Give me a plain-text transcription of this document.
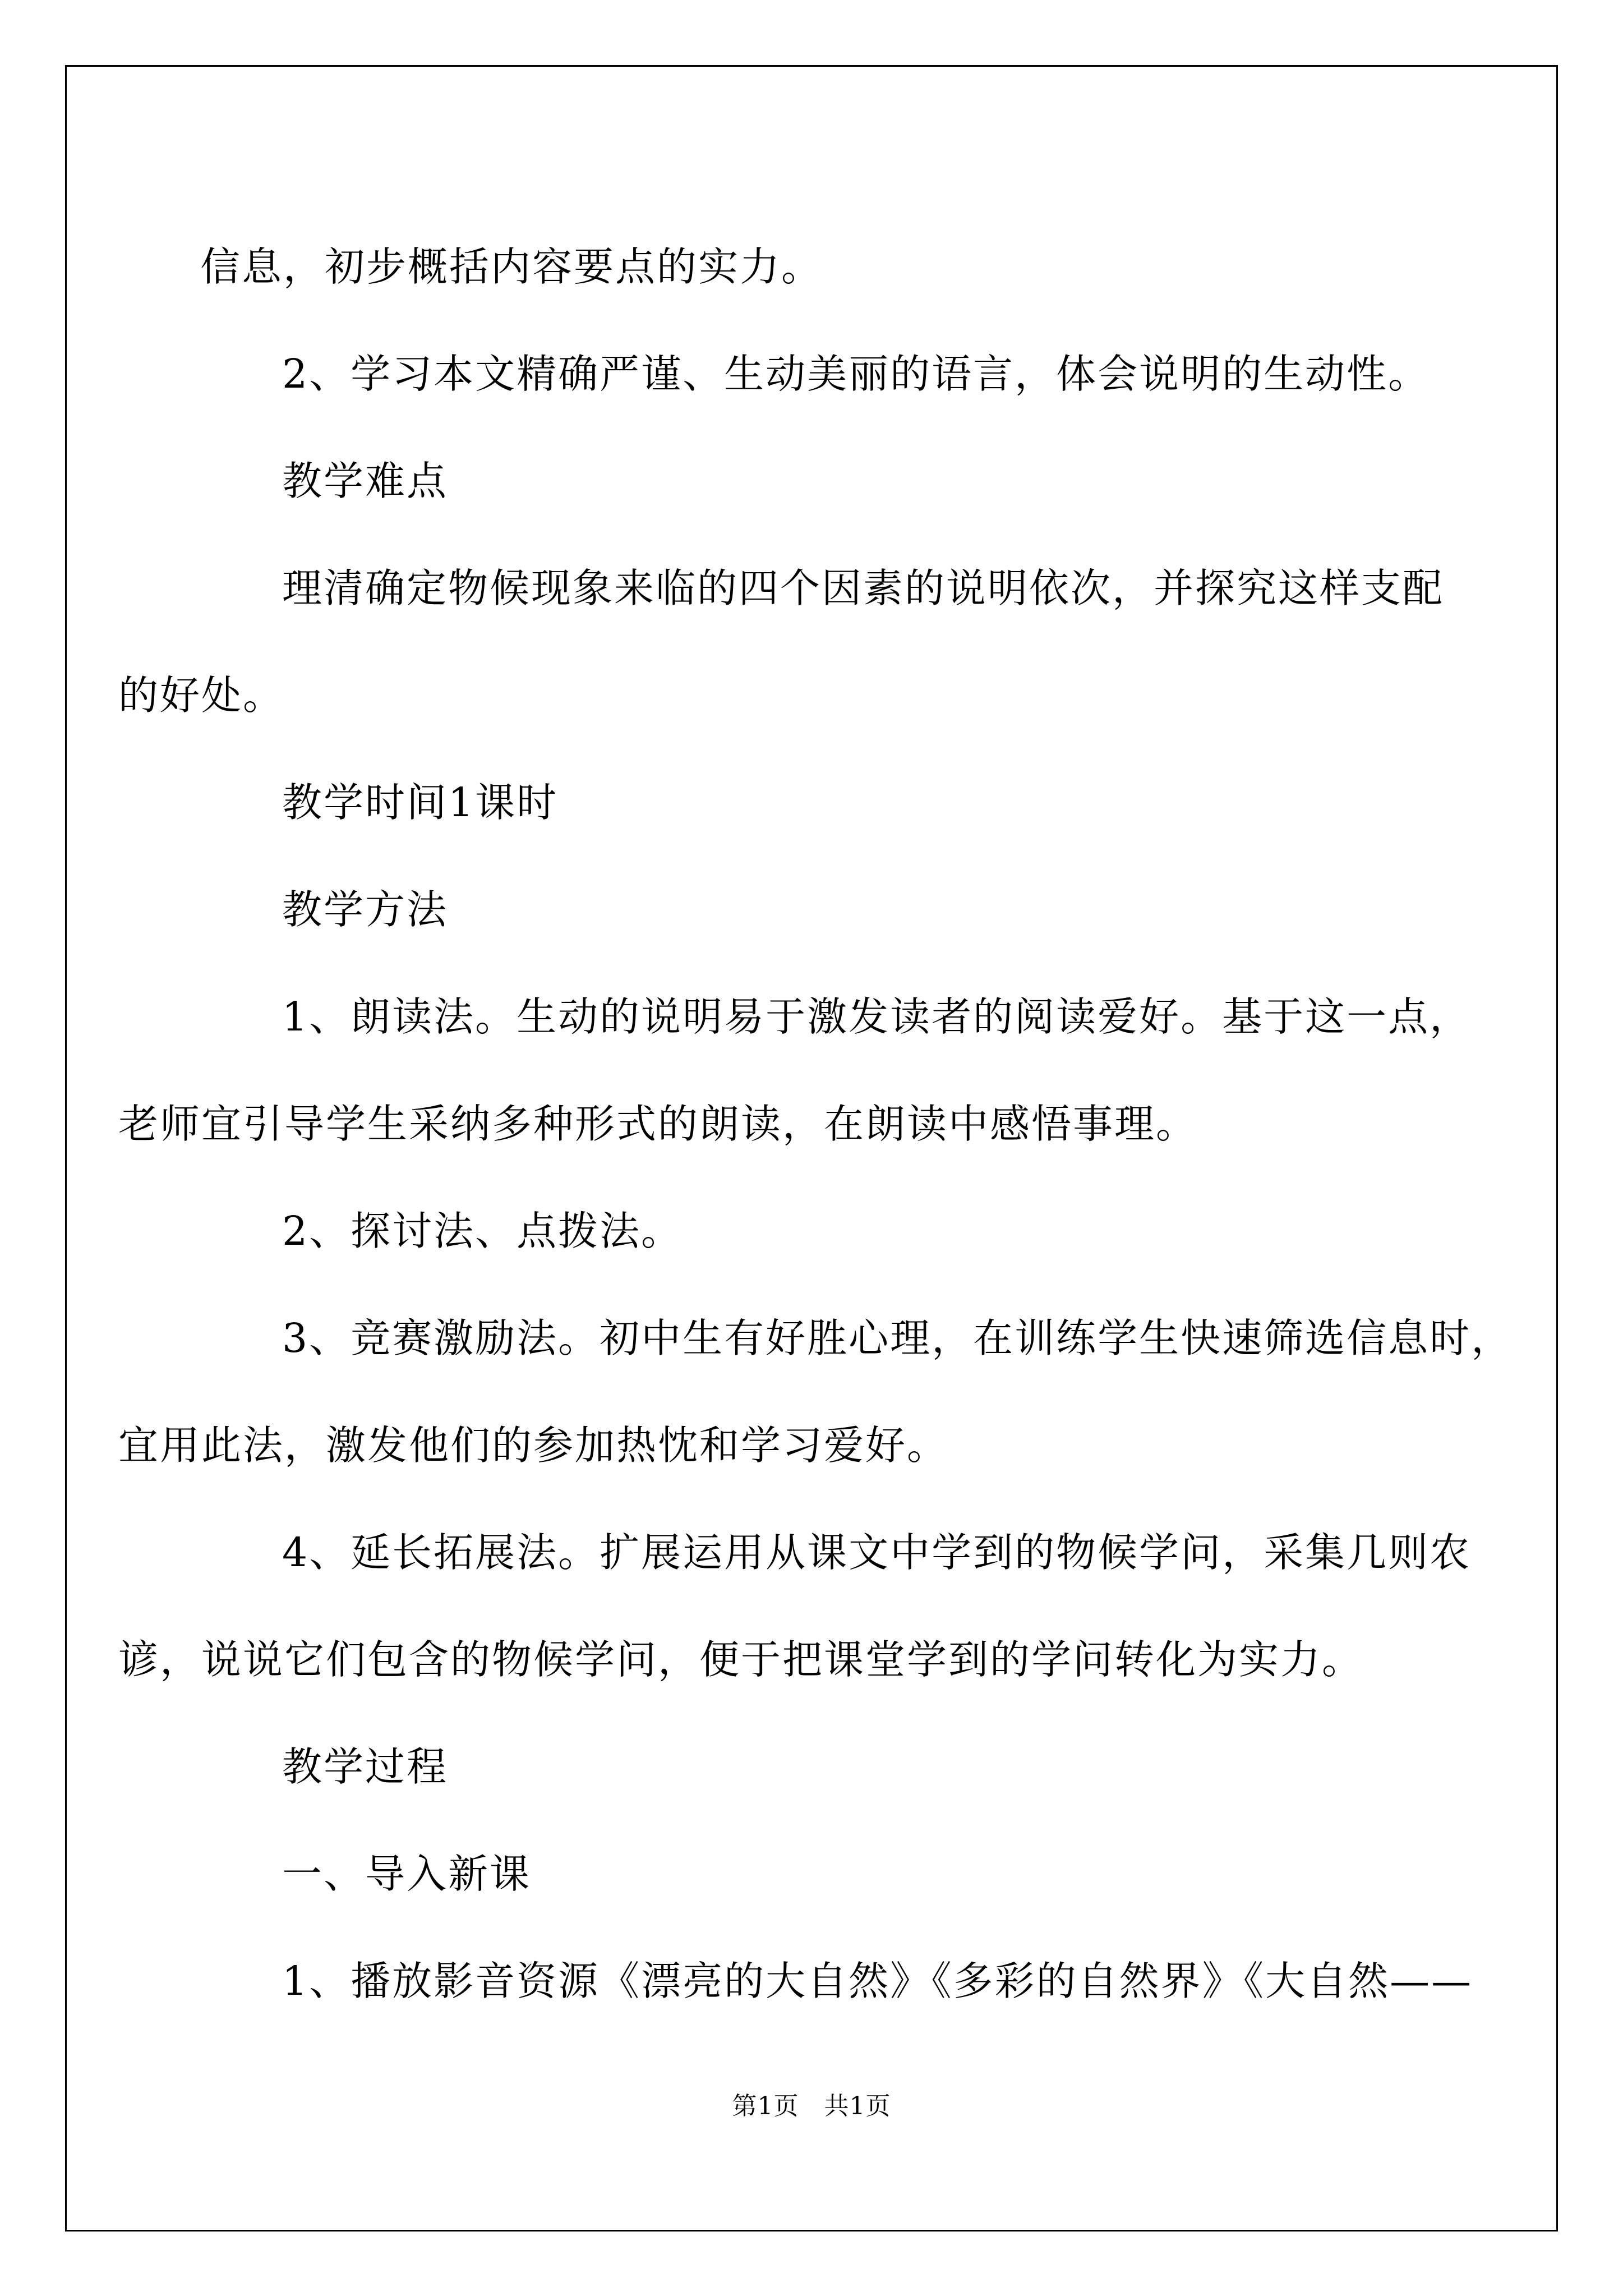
信息，初步概括内容要点的实力。

2、学习本文精确严谨、生动美丽的语言，体会说明的生动性。

教学难点

理清确定物候现象来临的四个因素的说明依次，并探究这样支配
的好处。

教学时间1课时

教学方法

1、朗读法。生动的说明易于激发读者的阅读爱好。基于这一点，
老师宜引导学生采纳多种形式的朗读，在朗读中感悟事理。

2、探讨法、点拨法。

3、竞赛激励法。初中生有好胜心理，在训练学生快速筛选信息时，
宜用此法，激发他们的参加热忱和学习爱好。

4、延长拓展法。扩展运用从课文中学到的物候学问，采集几则农
谚，说说它们包含的物候学问，便于把课堂学到的学问转化为实力。

教学过程

一、导入新课

1、播放影音资源《漂亮的大自然》《多彩的自然界》《大自然——

第1页 共1页
